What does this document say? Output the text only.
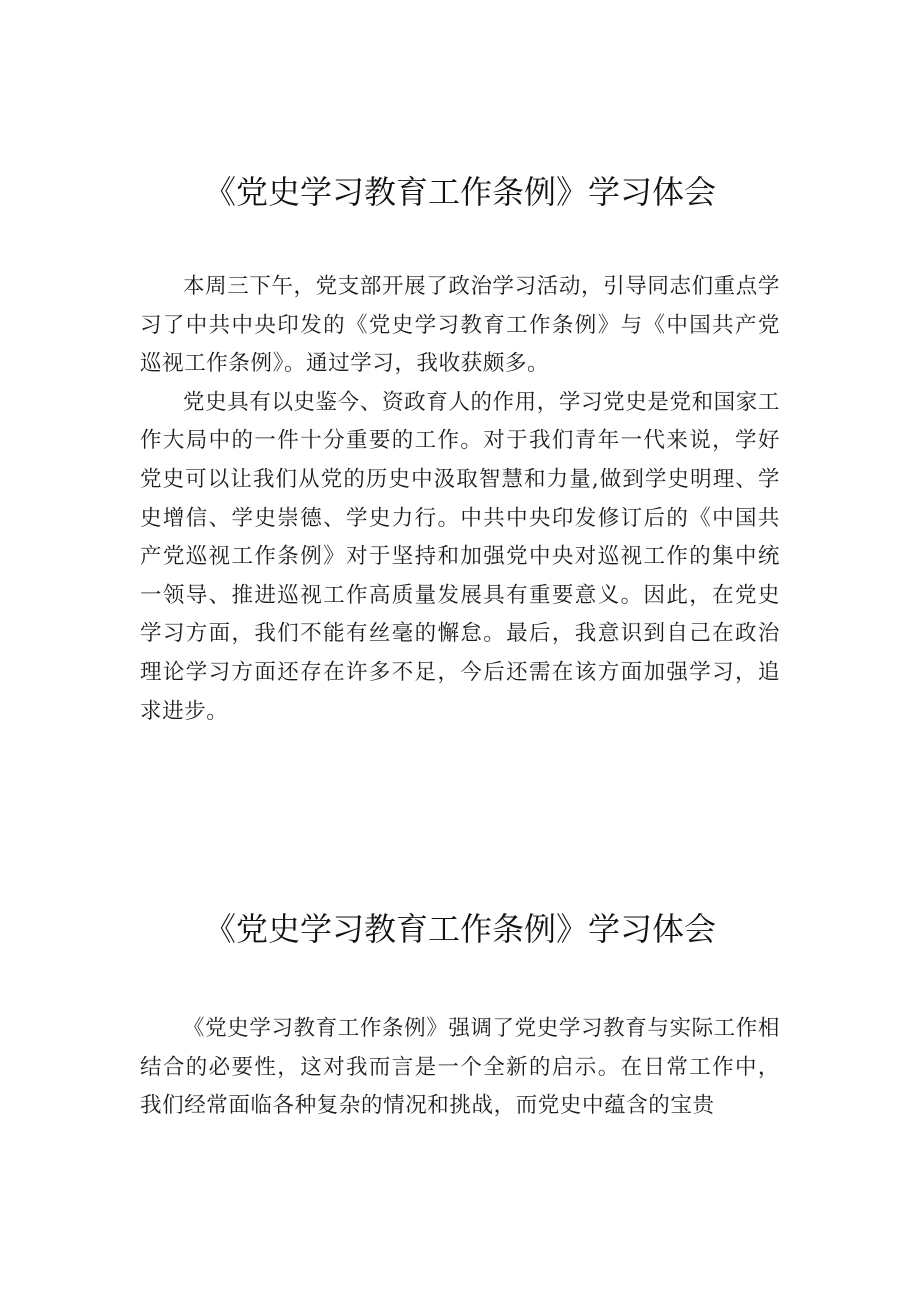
《党史学习教育工作条例》学习体会

本周三下午，党支部开展了政治学习活动，引导同志们重点学习了中共中央印发的《党史学习教育工作条例》与《中国共产党巡视工作条例》。通过学习，我收获颇多。

党史具有以史鉴今、资政育人的作用，学习党史是党和国家工作大局中的一件十分重要的工作。对于我们青年一代来说，学好党史可以让我们从党的历史中汲取智慧和力量,做到学史明理、学史增信、学史崇德、学史力行。中共中央印发修订后的《中国共产党巡视工作条例》对于坚持和加强党中央对巡视工作的集中统一领导、推进巡视工作高质量发展具有重要意义。因此，在党史学习方面，我们不能有丝毫的懈怠。最后，我意识到自己在政治理论学习方面还存在许多不足，今后还需在该方面加强学习，追求进步。

《党史学习教育工作条例》学习体会

《党史学习教育工作条例》强调了党史学习教育与实际工作相结合的必要性，这对我而言是一个全新的启示。在日常工作中，我们经常面临各种复杂的情况和挑战，而党史中蕴含的宝贵
